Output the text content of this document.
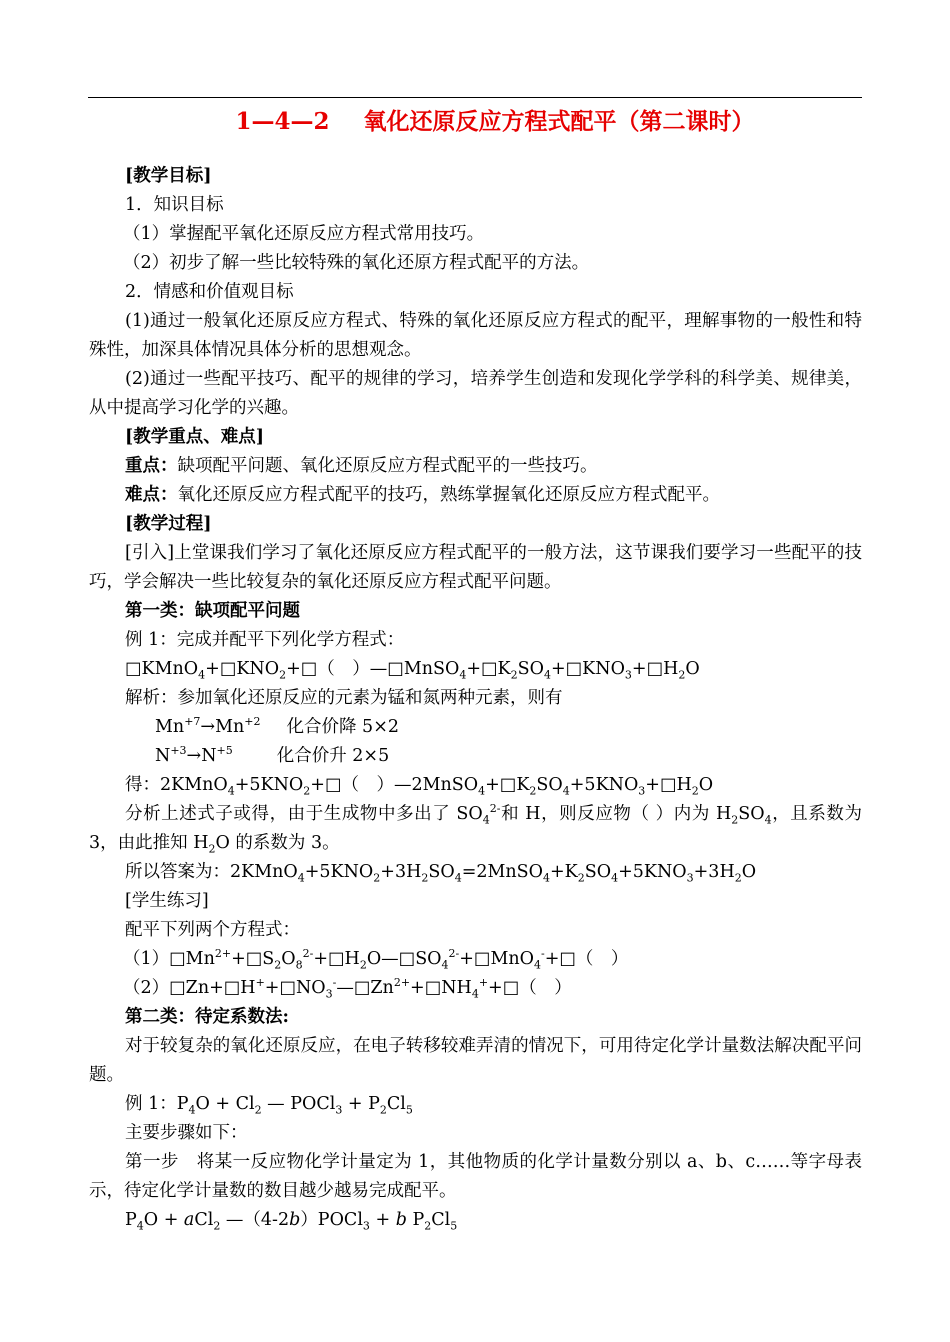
1—4—2 氧化还原反应方程式配平（第二课时）

[教学目标]

1．知识目标

（1）掌握配平氧化还原反应方程式常用技巧。

（2）初步了解一些比较特殊的氧化还原方程式配平的方法。

2．情感和价值观目标

(1)通过一般氧化还原反应方程式、特殊的氧化还原反应方程式的配平，理解事物的一般性和特殊性，加深具体情况具体分析的思想观念。

(2)通过一些配平技巧、配平的规律的学习，培养学生创造和发现化学学科的科学美、规律美，从中提高学习化学的兴趣。

[教学重点、难点]

重点：缺项配平问题、氧化还原反应方程式配平的一些技巧。

难点：氧化还原反应方程式配平的技巧，熟练掌握氧化还原反应方程式配平。

[教学过程]

[引入]上堂课我们学习了氧化还原反应方程式配平的一般方法，这节课我们要学习一些配平的技巧，学会解决一些比较复杂的氧化还原反应方程式配平问题。

第一类：缺项配平问题

例 1：完成并配平下列化学方程式：

$□KMnO_4+□KNO_2+□$（　）$—□MnSO_4+□K_2SO_4+□KNO_3+□H_2O$

解析：参加氧化还原反应的元素为锰和氮两种元素，则有

$Mn^{+7}\to Mn^{+2}$ 化合价降 5×2

$N^{+3}\to N^{+5}$	化合价升 2×5

得：$2KMnO_4+5KNO_2+□$（　）$—2MnSO_4+□K_2SO_4+5KNO_3+□H_2O$

分析上述式子或得，由于生成物中多出了 $SO_4^{2-}$和 H，则反应物（ ）内为 $H_2SO_4$，且系数为 3，由此推知 $H_2O$ 的系数为 3。

所以答案为：$2KMnO_4+5KNO_2+3H_2SO_4=2MnSO_4+K_2SO_4+5KNO_3+3H_2O$

[学生练习]

配平下列两个方程式：

$(1)□Mn^{2+}+□S_2O_8^{2-}+□H_2O—□SO_4^{2-}+□MnO_4^-+□$（　）

$(2)□Zn+□H^++□NO_3^-—□Zn^{2+}+□NH_4^++□$（　）

第二类：待定系数法:

对于较复杂的氧化还原反应，在电子转移较难弄清的情况下，可用待定化学计量数法解决配平问题。

例 1：$P_4O + Cl_2$ — POCl$_3$ + $P_2Cl_5$

主要步骤如下：

第一步　将某一反应物化学计量定为 1，其他物质的化学计量数分别以 a、b、c……等字母表示，待定化学计量数的数目越少越易完成配平。

$P_4O + aCl_2$ —（4-2b）POCl$_3$ + b $P_2Cl_5$
